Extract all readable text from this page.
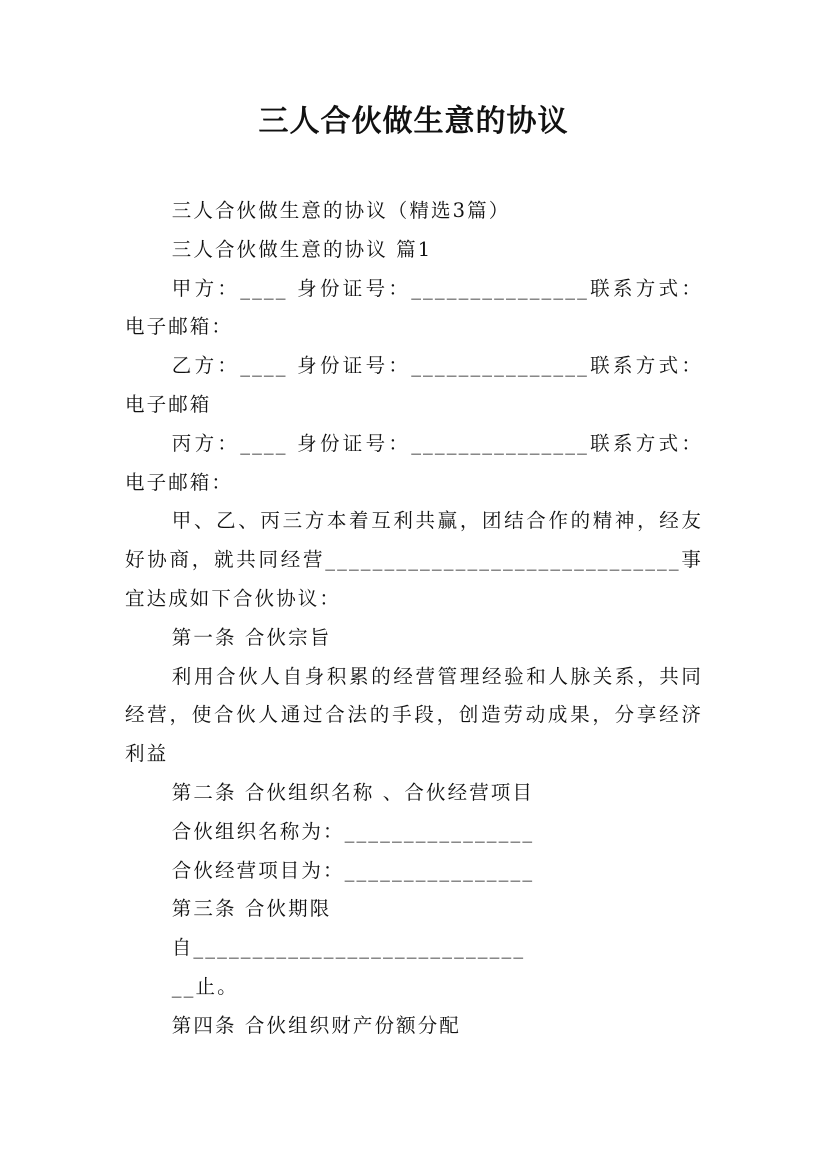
三人合伙做生意的协议

三人合伙做生意的协议（精选3篇）

三人合伙做生意的协议 篇1

甲方：____ 身份证号：_______________联系方式： 电子邮箱：

乙方：____ 身份证号：_______________联系方式： 电子邮箱

丙方：____ 身份证号：_______________联系方式： 电子邮箱：

甲、乙、丙三方本着互利共赢，团结合作的精神，经友好协商，就共同经营______________________________事宜达成如下合伙协议：

第一条 合伙宗旨

利用合伙人自身积累的经营管理经验和人脉关系，共同经营，使合伙人通过合法的手段，创造劳动成果，分享经济利益

第二条 合伙组织名称 、合伙经营项目

合伙组织名称为：________________

合伙经营项目为：________________

第三条 合伙期限

自____________________________

__止。

第四条 合伙组织财产份额分配
